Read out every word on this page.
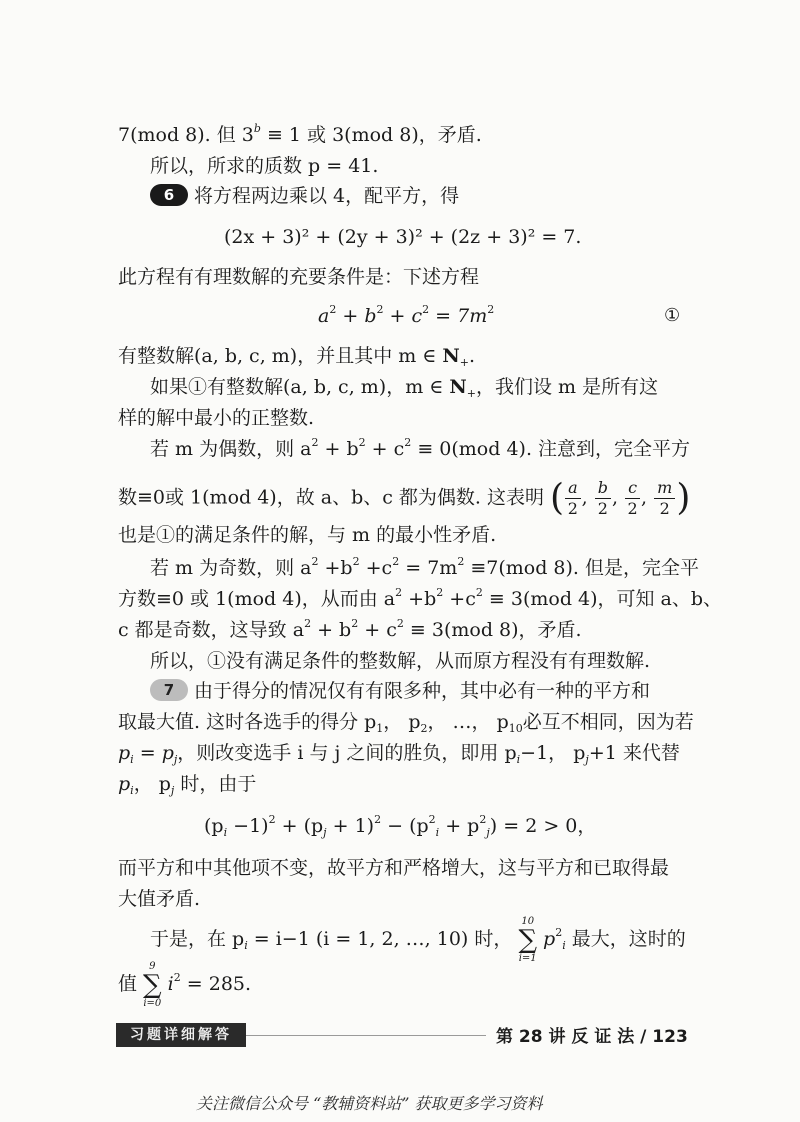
7(mod 8). 但 $3^b \equiv 1$ 或 3(mod 8)，矛盾.
所以，所求的质数 p = 41.
6 将方程两边乘以 4，配平方，得
(2x + 3)² + (2y + 3)² + (2z + 3)² = 7.
此方程有有理数解的充要条件是：下述方程
$a^2 + b^2 + c^2 = 7m^2$	①
有整数解(a, b, c, m)，并且其中 m ∈ $N_+$.
如果①有整数解(a, b, c, m)，m ∈ $N_+$，我们设 m 是所有这
样的解中最小的正整数.
若 m 为偶数，则 $a^2 + b^2 + c^2 \equiv 0(mod$ 4). 注意到，完全平方
数≡0或 1(mod 4)，故 a、b、c 都为偶数. 这表明 ( $\frac{a}{2}$ , $\frac{b}{2}$ , $\frac{c}{2}$ , $\frac{m}{2}$ )
也是①的满足条件的解，与 m 的最小性矛盾.
若 m 为奇数，则 $a^2 +b^2 +c^2 = 7m^2 \equiv 7(mod$ 8). 但是，完全平
方数≡0 或 1(mod 4)，从而由 $a^2 +b^2 +c^2 \equiv 3(mod$ 4)，可知 a、b、
c 都是奇数，这导致 $a^2 + b^2 + c^2 \equiv 3(mod$ 8)，矛盾.
所以，①没有满足条件的整数解，从而原方程没有有理数解.
7 由于得分的情况仅有有限多种，其中必有一种的平方和
取最大值. 这时各选手的得分 $p_1$， $p_2$， …， $p_{10}$必互不相同，因为若
$p_i = p_j$，则改变选手 i 与 j 之间的胜负，即用 $p_i-1$， $p_j+1$ 来代替
$p_i$， $p_j$ 时，由于
$(p_i -1)^2 + (p_j + 1)^2 - (p^2_i + p^2_j) = 2 > 0$，
而平方和中其他项不变，故平方和严格增大，这与平方和已取得最
大值矛盾.
于是，在 $p_i = i-1$ (i = 1, 2, …, 10) 时，
10
∑
i=1
$p^2_i$ 最大，这时的
值
9
∑
i=0
$i^2 = 285$.
习题详细解答	第 28 讲 反 证 法 / 123
关注微信公众号 “教辅资料站” 获取更多学习资料
